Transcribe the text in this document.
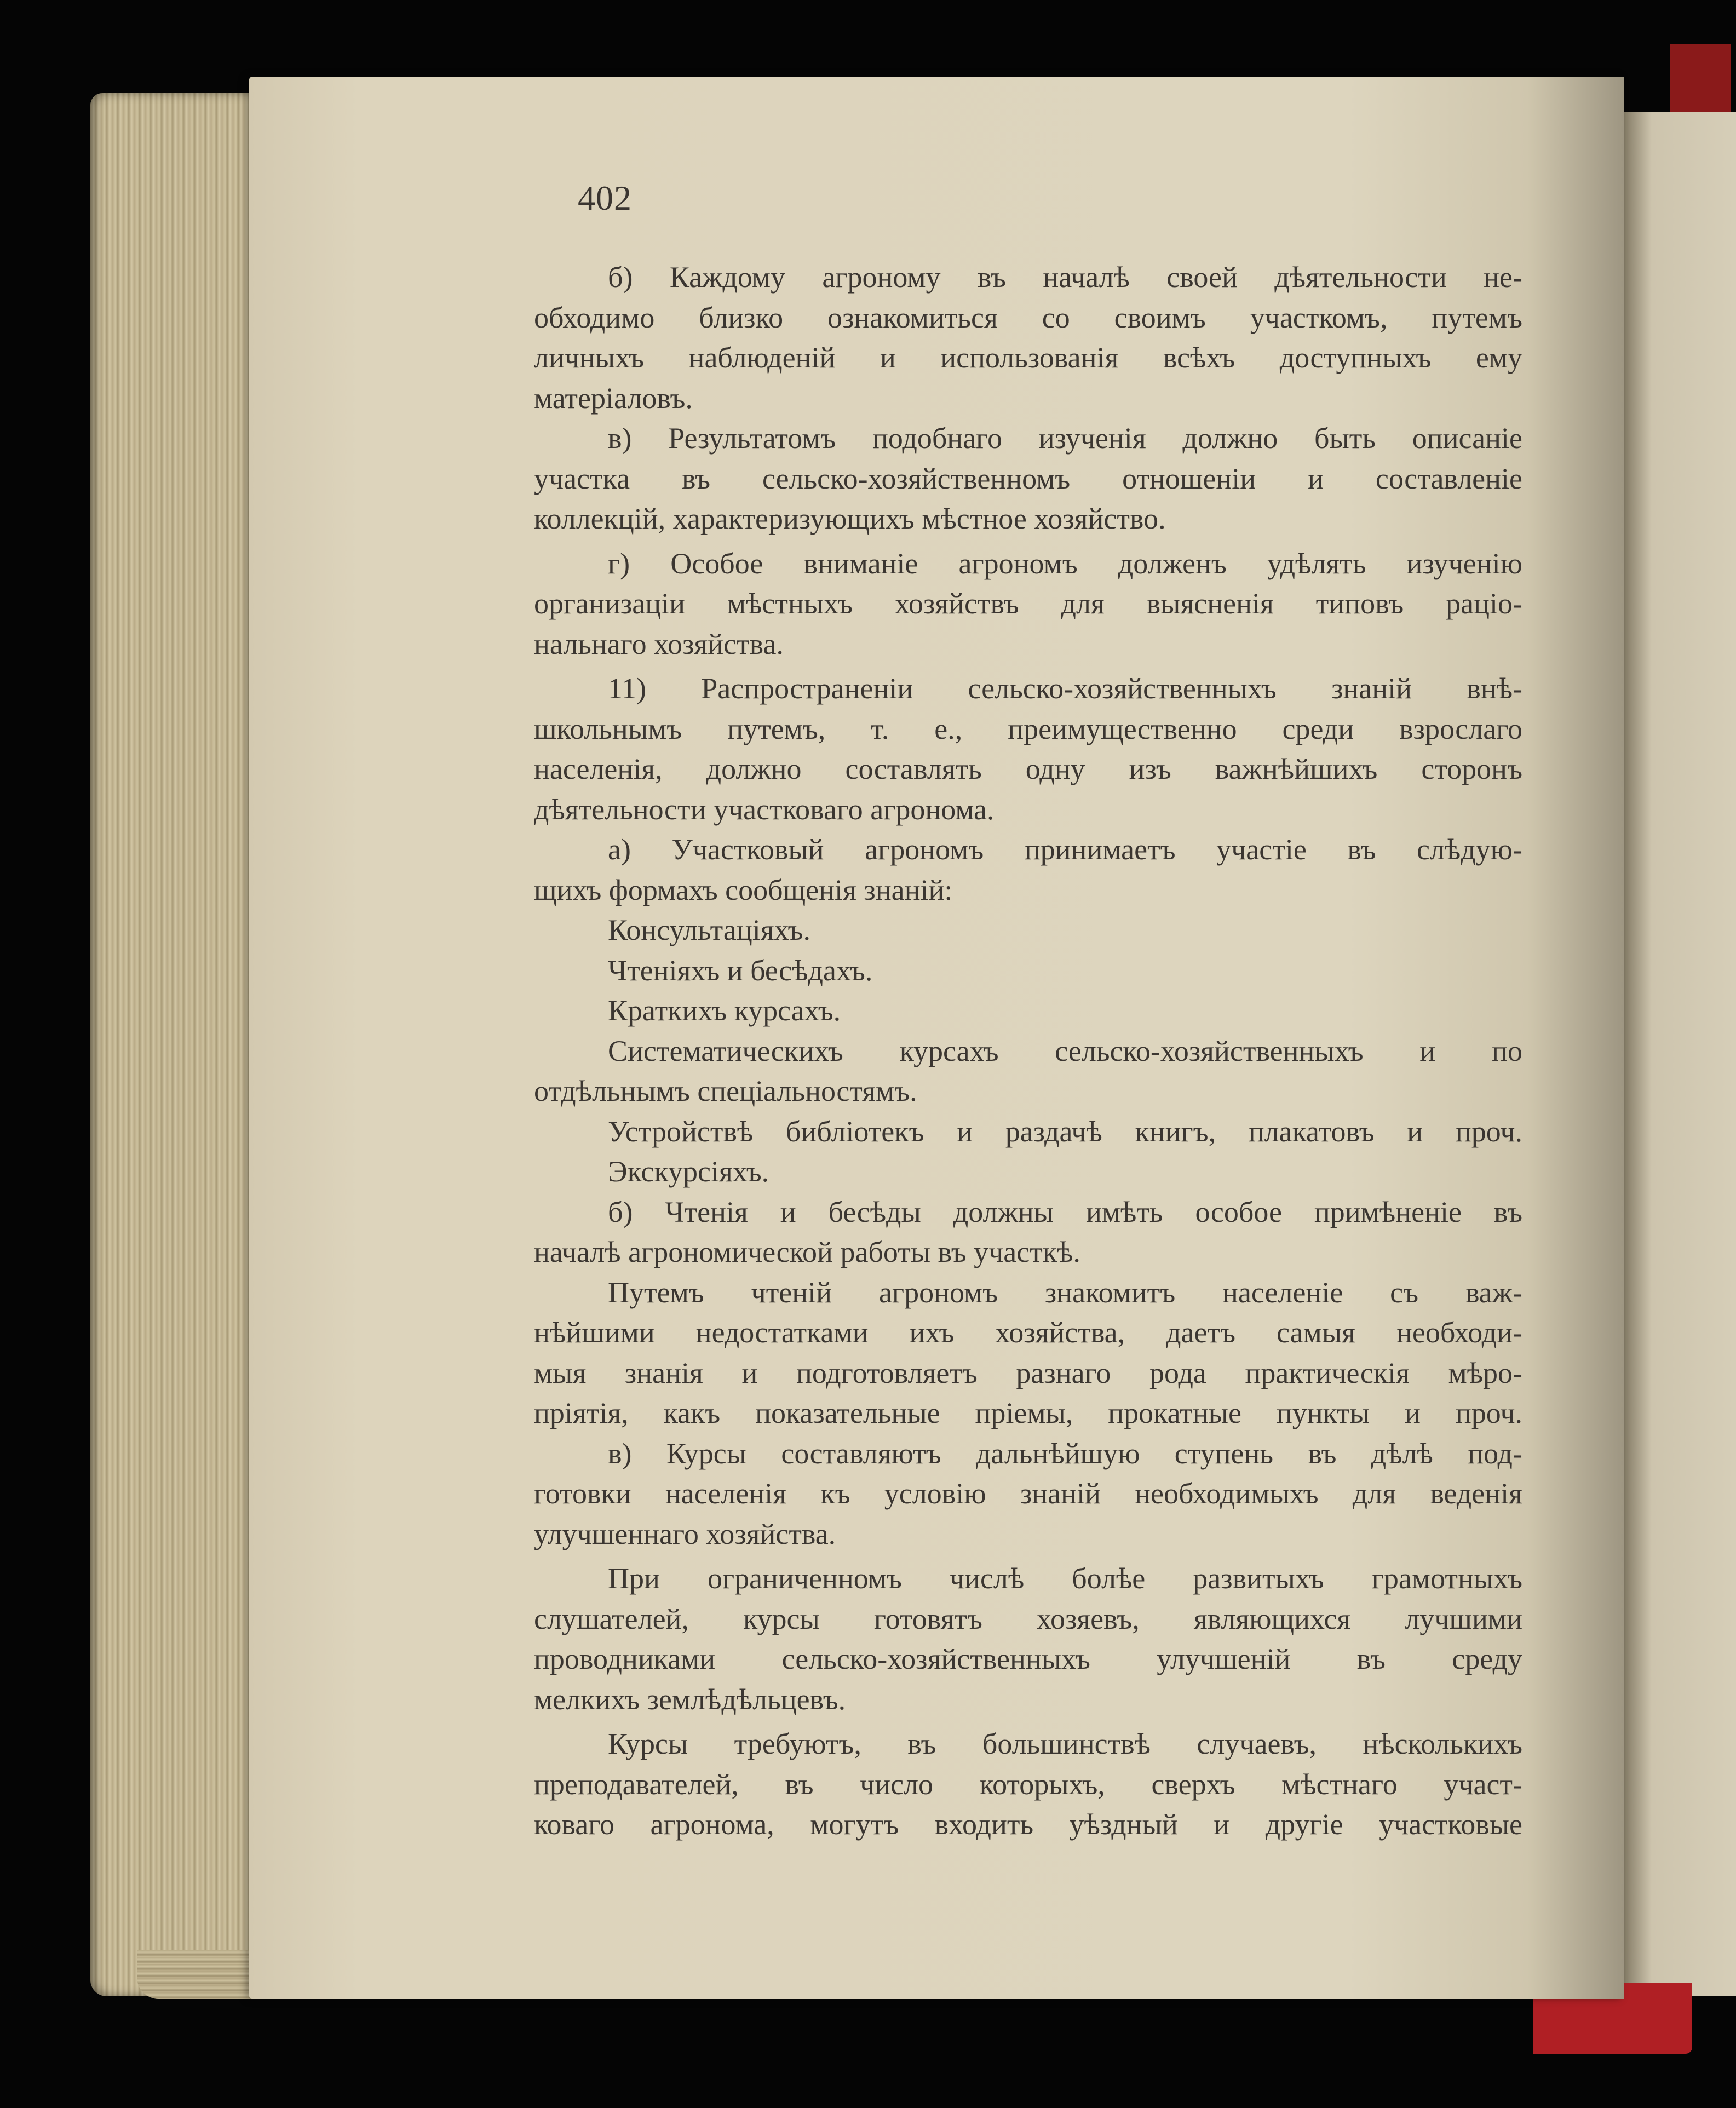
402
б) Каждому агроному въ началѣ своей дѣятельности не-
обходимо близко ознакомиться со своимъ участкомъ, путемъ
личныхъ наблюденій и использованія всѣхъ доступныхъ ему
матеріаловъ.
в) Результатомъ подобнаго изученія должно быть описаніе
участка въ сельско-хозяйственномъ отношеніи и составленіе
коллекцій, характеризующихъ мѣстное хозяйство.
г) Особое вниманіе агрономъ долженъ удѣлять изученію
организаціи мѣстныхъ хозяйствъ для выясненія типовъ раціо-
нальнаго хозяйства.
11) Распространеніи сельско-хозяйственныхъ знаній внѣ-
школьнымъ путемъ, т. е., преимущественно среди взрослаго
населенія, должно составлять одну изъ важнѣйшихъ сторонъ
дѣятельности участковаго агронома.
а) Участковый агрономъ принимаетъ участіе въ слѣдую-
щихъ формахъ сообщенія знаній:
Консультаціяхъ.
Чтеніяхъ и бесѣдахъ.
Краткихъ курсахъ.
Систематическихъ курсахъ сельско-хозяйственныхъ и по
отдѣльнымъ спеціальностямъ.
Устройствѣ библіотекъ и раздачѣ книгъ, плакатовъ и проч.
Экскурсіяхъ.
б) Чтенія и бесѣды должны имѣть особое примѣненіе въ
началѣ агрономической работы въ участкѣ.
Путемъ чтеній агрономъ знакомитъ населеніе съ важ-
нѣйшими недостатками ихъ хозяйства, даетъ самыя необходи-
мыя знанія и подготовляетъ разнаго рода практическія мѣро-
пріятія, какъ показательные пріемы, прокатные пункты и проч.
в) Курсы составляютъ дальнѣйшую ступень въ дѣлѣ под-
готовки населенія къ условію знаній необходимыхъ для веденія
улучшеннаго хозяйства.
При ограниченномъ числѣ болѣе развитыхъ грамотныхъ
слушателей, курсы готовятъ хозяевъ, являющихся лучшими
проводниками сельско-хозяйственныхъ улучшеній въ среду
мелкихъ землѣдѣльцевъ.
Курсы требуютъ, въ большинствѣ случаевъ, нѣсколькихъ
преподавателей, въ число которыхъ, сверхъ мѣстнаго участ-
коваго агронома, могутъ входить уѣздный и другіе участковые
